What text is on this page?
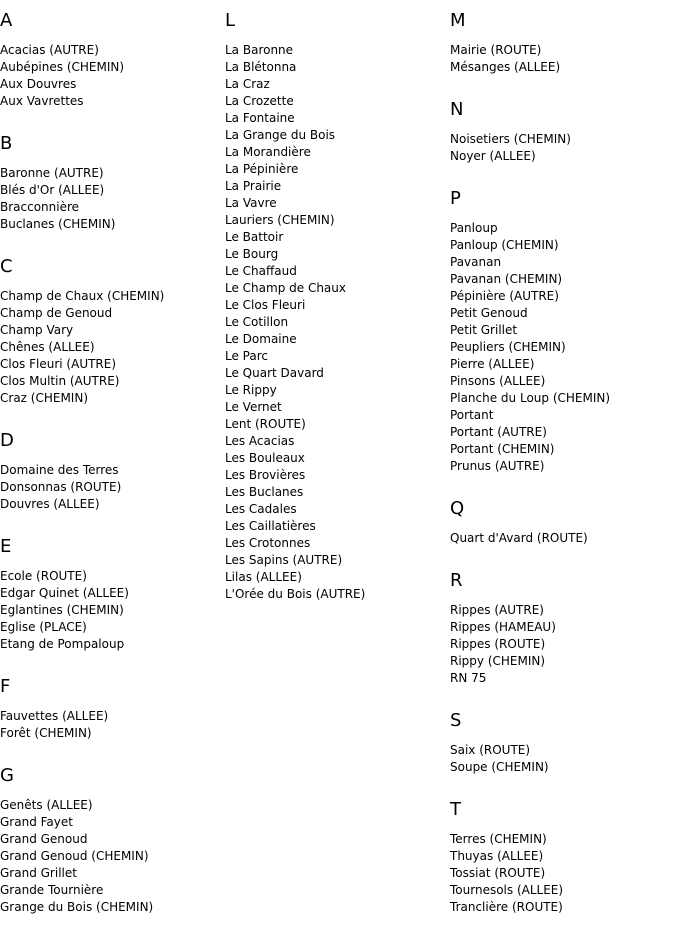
A
Acacias (AUTRE)
Aubépines (CHEMIN)
Aux Douvres
Aux Vavrettes
B
Baronne (AUTRE)
Blés d'Or (ALLEE)
Bracconnière
Buclanes (CHEMIN)
C
Champ de Chaux (CHEMIN)
Champ de Genoud
Champ Vary
Chênes (ALLEE)
Clos Fleuri (AUTRE)
Clos Multin (AUTRE)
Craz (CHEMIN)
D
Domaine des Terres
Donsonnas (ROUTE)
Douvres (ALLEE)
E
Ecole (ROUTE)
Edgar Quinet (ALLEE)
Eglantines (CHEMIN)
Eglise (PLACE)
Etang de Pompaloup
F
Fauvettes (ALLEE)
Forêt (CHEMIN)
G
Genêts (ALLEE)
Grand Fayet
Grand Genoud
Grand Genoud (CHEMIN)
Grand Grillet
Grande Tournière
Grange du Bois (CHEMIN)
L
La Baronne
La Blétonna
La Craz
La Crozette
La Fontaine
La Grange du Bois
La Morandière
La Pépinière
La Prairie
La Vavre
Lauriers (CHEMIN)
Le Battoir
Le Bourg
Le Chaffaud
Le Champ de Chaux
Le Clos Fleuri
Le Cotillon
Le Domaine
Le Parc
Le Quart Davard
Le Rippy
Le Vernet
Lent (ROUTE)
Les Acacias
Les Bouleaux
Les Brovières
Les Buclanes
Les Cadales
Les Caillatières
Les Crotonnes
Les Sapins (AUTRE)
Lilas (ALLEE)
L'Orée du Bois (AUTRE)
M
Mairie (ROUTE)
Mésanges (ALLEE)
N
Noisetiers (CHEMIN)
Noyer (ALLEE)
P
Panloup
Panloup (CHEMIN)
Pavanan
Pavanan (CHEMIN)
Pépinière (AUTRE)
Petit Genoud
Petit Grillet
Peupliers (CHEMIN)
Pierre (ALLEE)
Pinsons (ALLEE)
Planche du Loup (CHEMIN)
Portant
Portant (AUTRE)
Portant (CHEMIN)
Prunus (AUTRE)
Q
Quart d'Avard (ROUTE)
R
Rippes (AUTRE)
Rippes (HAMEAU)
Rippes (ROUTE)
Rippy (CHEMIN)
RN 75
S
Saix (ROUTE)
Soupe (CHEMIN)
T
Terres (CHEMIN)
Thuyas (ALLEE)
Tossiat (ROUTE)
Tournesols (ALLEE)
Tranclière (ROUTE)
